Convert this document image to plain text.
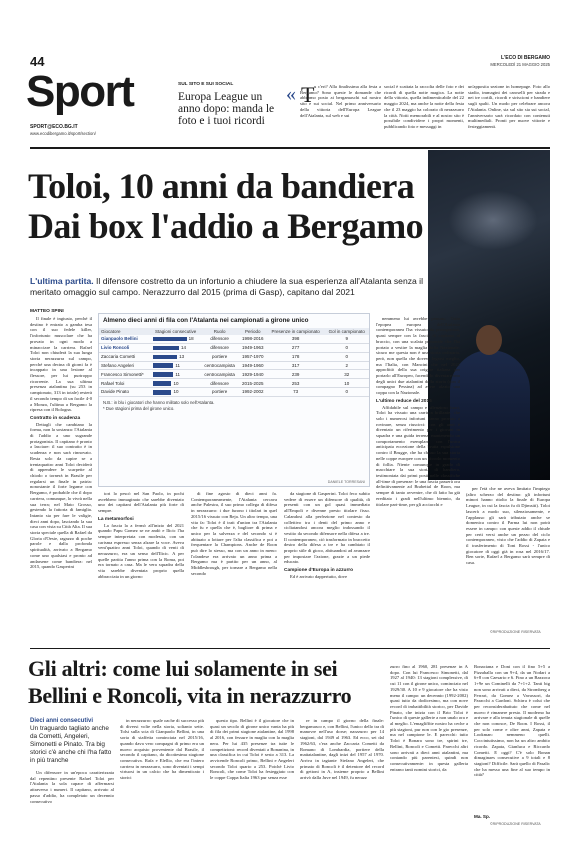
44	L'ECO DI BERGAMO
MERCOLEDÌ 21 MAGGIO 2025
Sport
SPORT@ECO.BG.IT
www.ecodibergamo.it/sport/section/
SUL SITO E SUI SOCIAL
Europa League un anno dopo: manda le foto e i tuoi ricordi
« T u c'eri? Alla finalissima alla festa a Bergamo? Sono queste le domande che abbiamo posto ai bergamaschi sul nostro sito e sui social. Nel primo anniversario della vittoria dell'Europa League dell'Atalanta, sul web e sui
social è scattata la raccolta delle foto e dei ricordi di quella notte magica. La notte della vittoria, quella indimenticabile del 22 maggio 2024, ma anche la notte della festa che il 23 maggio ha colorato di nerazzurro la città. Notti memorabili e al nostro sito è possibile condividere i propri momenti, pubblicando foto e messaggi in
un'apposita sezione in homepage. Foto allo stadio, immagini dei caroselli per strada e nei tre cortili, ricordi e striscioni e bandiere sugli spalti. Un modo per celebrare ancora l'Atalanta. Online, sia sul sito sia sui social, l'anniversario sarà ricordato con contenuti multimediali. Pronti per nuove vittorie e festeggiamenti.
Toloi, 10 anni da bandiera
Dai box l'addio a Bergamo
L'ultima partita. Il difensore costretto da un infortunio a chiudere la sua esperienza all'Atalanta senza il meritato omaggio sul campo. Nerazzurro dal 2015 (prima di Gasp), capitano dal 2021
MATTEO SPINI

Il finale è ingiusto, perché il destino è entrato a gamba tesa con il suo fedele killer, l'infortunio muscolare che ha provato in ogni modo a minacciare la carriera. Rafael Toloi non chiuderà la sua lunga storia nerazzurra sul campo, perché una decina di giorni fa è incappato in una lesione al flessore, per lui purtroppo ricorrente. La sua ultima presenza atalantina (su 253 in campionato, 313 in totale) resterà il secondo tempo di un facile 4-0 a Monza, l'ultima a Bergamo la ripresa con il Bologna.

Contratto in scadenza

Dettagli che cambiano la forma, non la sostanza: l'Atalanta di l'addio a uno sugrande protagonista. Il capitano è pronto a lasciare: il suo contratto è in scadenza e non sarà rinnovato. Resta solo da capire se a trentaquattro anni Toloi deciderà di appendere le scarpette al chiodo o tornerà in Brasile per regalarsi un finale in patria: nonostante il forte legame con Bergamo, è probabile che il dopo carriera, comunque, lo vivrà nella sua terra; nel Mato Grosso, gestendo la fattoria di famiglia. Intanto sta per fare le valigie, dieci anni dopo, lasciando la sua casa con vista su Città Alta. Il sua storia speciale quella di Rafael da Gloria d'Oeste, ragazzo di poche parole e dalla profonda spiritualità, arrivato a Bergamo come uno qualsiasi e pronto ad andarsene come bandiera: nel 2015, quando Gasperini

Almeno dieci anni di fila con l'Atalanta nei campionati a girone unico
Giocatore	Stagioni consecutive	Ruolo	Periodo	Presenze in campionato	Gol in campionato
Gianpaolo Bellini	18	difensore	1998-2016	398	9
Livio Roncoli	14	difensore	1949-1963	277	0
Zaccaria Cometti	13	portiere	1957-1970	178	0
Stefano Angeleri	11	centrocampista	1949-1960	317	2
Francesco Simonetti*	11	centrocampista	1929-1940	239	32
Rafael Toloi	10	difensore	2015-2025	253	10
Davide Pinato	10	portiere	1992-2002	73	0
N.B.: in blu i giocatori che hanno militato solo nell'Atalanta.
* Due stagioni prima del girone unico.
DANIELE TORRESANI

tori lo pescò nel San Paolo, in pochi avrebbero immaginato che sarebbe diventato uno dei capitani dell'Atalanta più forte di sempre.

La metamorfosi

La fascia la a fermò all'inizio del 2021 quando Papu Gomez se ne andò e Ilicic l'ha sempre interpretata con modestia, con un carisma espresso senza alzare la voce. Aveva vent'quattro anni Toloi, quando di venti di nerazzurro, era un senso dell'Ilicic. A per quelle partita l'anno prima con la Roma, poi era tornato a casa. Ma le vera squadra della vita sarebbe diventata proprio quella abbracciata in un giorno

di fine agosto di dieci anni fa. Contemporaneamente, l'Atalanta cercava anche Palestra, il suo primo collega di difesa in nerazzurro: i due furono i titolari in quel 2015/16 vissuto con Reja. Un altro tempo, una vita fa: Toloi è il trait d'union tra l'Atalanta che fu e quella che è, bagliore di prima e unico per la salvezza e del secondo si è abituato a lottare per l'alta classifica e poi a frequentare la Champions. Anche de Roon può dire lo stesso, ma con un anno in meno: l'olandese era arrivato un anno prima a Bergamo ma è partito per un anno, al Middlesbrough, per tornare a Bergamo nella secondo

da stagione di Gasperini. Toloi feco subito vedere di essere un difensore di qualità, di presenti con un gol quasi immediato all'Empoli e divenne presto titolare fisso. Calandosi alla perfezione nel contesto da collettivo tra i denti del primo anno e cicliatandosi ancora meglio indossando il vestito da secondo difensore nella difesa a tre. Il contemporaneo, ciò trasformato in braccetto destro della difesa a tre e ha cambiato il proprio stile di gioco, abituandosi ad avanzare per impostare l'azione, grazie a un piede educato.

Campione d'Europa in azzurro

Ed è arrivato dappertutto, dove

nemmeno lui avrebbe pensato. Tutta l'epopea europea dell'Atalanta contemporanea l'ha vissuto da protagonista, quasi sempre con la fascia di capitano al braccio, con una scalata personale che l'ha portato a vestire la maglia della Nazionale: sicuro me questa non è una storia ordinaria, però, non quella che doveva legarsi meglio, ma l'Italia, con Mancini che nel 2021 approfittò della sua origine italiana per portarlo all'Europeo, facendolo diventare uno degli unici due atalantini della storia (con il compagno Pessina) ad avere alzato una coppa con la Nazionale.

L'ultimo reduce del 2016

Affidabile sul campo e silenzioso fuori, Toloi ha vissuto una carriera brillante, che solo i numerosi infortuni hanno provato a rovinare, senza riuscirci: con gli anni è diventato un riferimento per i giovani in squadra e una guida terrena, mantenendo un comportamento esemplare, con l'unica anticipata eccezione della brutta espulsione contro il Brugge, che ha chiuso la sua storia nelle coppe europee con un piccolo momento di follia. Niente comunque in grado di macchiare la sua storia di bandiera, testimoniata dai primi posti nelle classifiche all-time di presenze: le una fascia passerà ora definitivamente ad Brabettal de Roon, ma sempre di tanto avvenire, che di fatto ha già ereditato i gradi nell'ultimo biennio, da titolare part-time, per gli acciacchi e

per l'età che ne aveva limitato l'impiego (altro scherzo del destino: gli infortuni minori hanno ritolto la finale di Europa League, in cui la fascia fu di Djimsiti). Toloi lascerà a modo suo, silenziosamente, e l'applauso gli sarà tributato anche se domenica contro il Parma lui non potrà essere in campo: con queste addio il chiude per certi versi anche un pezzo del ciclo contemporaneo, visto che l'addio di Zapata e il trasferimento di Toni Rossi - l'unico giocatore di oggi già in rosa nel 2016/17. Ben sorte, Rafael a Bergamo sarà sempre di casa.

©RIPRODUZIONE RISERVATA
Gli altri: come lui solamente in sei
Bellini e Roncoli, vita in nerazzurro
Dieci anni consecutivi
Un traguardo tagliato anche da Cometti, Angeleri, Simonetti e Pinato. Tra big storici c'è anche chi l'ha fatto in più tranche
Un difensore in un'epoca caratterizzata dal repentino presente Rafael Toloi per l'Atalanta la sola capace di affermarsi attraverso i numeri. Il capitano, arrivato al passo d'addio, ha completato un decennio consecutivo
in nerazzurro: quale oache di successo più di diversi volte nella storia, soltanto sette. Tolsi sulla scia di Gianpaolo Bellini, in una sorta di staffetta cominciata nel 2015/16, quando dava vero compagni di primo era un nuovo acquisto proveniente dal Brasile, il secondo il capitano, da dicottesima stagione consecutiva. Rafa e Elellio, che era l'intero carriera in nerazzurro, sono diventati i sempi virtuosi in un calcio che ha dimenticato i storici
questo tipo. Bellini è il giocatore che in quasi un secolo di girone unico vanta ha più di fila dei primi stagione atalantine, dal 1998 al 2016, con fessure in maglia con la maglia nera. Per lui 435 presenze tra tutte le competizioni: record diventati a Bonanina, in una classifica in cui Toloi è sesto a 313. La avvicende Roncoli primo, Bellini e Angeleri secondo Toloi quarto a 253. Poichè Livio Roncoli, che come Toloi ha festeggiato con le coppe Coppa Italia 1963 pur senza esse
re in campo il giorno della finale: bergamasco e, con Bellini, l'unico dello tra di manovre nell'uso dorse; narzzurro per 14 stagioni, dal 1949 al 1963. Ed ecco, sei dal 1962/63, c'era anche Zaccaria Cometti da Romano di Lombardia, portiere della mattatalantine, dagli inizi del 1957 al 1970. Arriva in tagiante Stefano Angeleri, che primato di Roncoli è il detentore del record di gettoni in A, insieme proprio a Bellini arrivò dalla Juve nel 1949, fu nerazz
zurro fino al 1960, 281 presenze in A dopo. Con lui Francesco Simonetti, dal 1927 al 1940: 13 stagioni complessive, di cui 11 con il girone unico, cominciato nel 1929/30. A 10 e 9 giocatore che ha visto meno il campo: un decennio (1992-2002) quasi tutto da dodicesimo, ma con nove record di imbattibilità storico, per Davide Pinato, che inizia con il Brio Toloi è l'unico di queste gallerie a non unalo ora e al meglio. L'emagliffite nostro ha ceche a più stagioni, pur non con le gio presenze, ma nel campione le. E parecchi: tutto Toloi è Bonara sono tre, spirini tre, Bellini, Roncoli e Cometti. Parecchi altri sono arrivati a dieci anni atalantini, ma contando più parentesi, quindi non consecutivamente: in questa galleria entrano tanti nomini storici, da
Bonaciana e Doni con il fino 5+5 a Pizzaballa con un 9+4, da un Nodari a 6+8 con Caesario e 6. Fino a un Bazzoca 1+9e un Cominelli da 7+1+2. Tanti big non sono arrivati a dieci, da Stromberg a Ferrari, da Gomez a Vavassori, da Paracchi a Gardoni. Schirra è colui che per reconsiderabattuto che come nel nuovo è rimanere presto. Il moderno ha arrivare e alla tenuta stagionale di quelle che non conosce, De Roon. I Rossi, il per solo come e oltre anni, Zapata e Lookman: nemmeno quelli. Cocciniutissimo, non ha un altro ambito ricordo. Zapata, Gianluca e Riccardo Cometti. E oggi? C'è solo Bonan dimaginaes consecutive a 9 totali e 8 stagioni? Difficile. Sarà quello di Pasalic che ha messo una fine al suo tempo in città?
Ma. Sp.
©RIPRODUZIONE RISERVATA
